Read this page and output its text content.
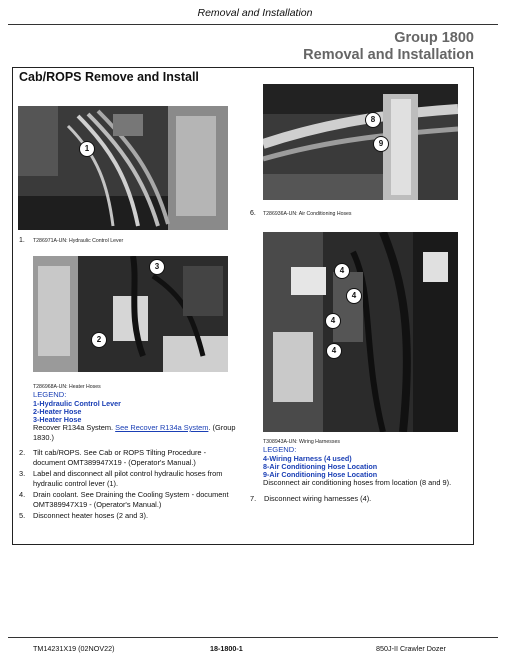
Removal and Installation
Group 1800
Removal and Installation
Cab/ROPS Remove and Install
1
1. T286971A-UN: Hydraulic Control Lever
3
2
T286968A-UN: Heater Hoses
LEGEND:
1-Hydraulic Control Lever
2-Heater Hose
3-Heater Hose
Recover R134a System. See Recover R134a System. (Group
1830.)
2. Tilt cab/ROPS. See Cab or ROPS Tilting Procedure -
document OMT389947X19 - (Operator's Manual.)
3. Label and disconnect all pilot control hydraulic hoses from
hydraulic control lever (1).
4. Drain coolant. See Draining the Cooling System - document
OMT389947X19 - (Operator's Manual.)
5. Disconnect heater hoses (2 and 3).
8
9
6. T286936A-UN: Air Conditioning Hoses
4
4
4
4
T308943A-UN: Wiring Harnesses
LEGEND:
4-Wiring Harness (4 used)
8-Air Conditioning Hose Location
9-Air Conditioning Hose Location
Disconnect air conditioning hoses from location (8 and 9).
7. Disconnect wiring harnesses (4).
TM14231X19 (02NOV22)	18-1800-1	850J-II Crawler Dozer
